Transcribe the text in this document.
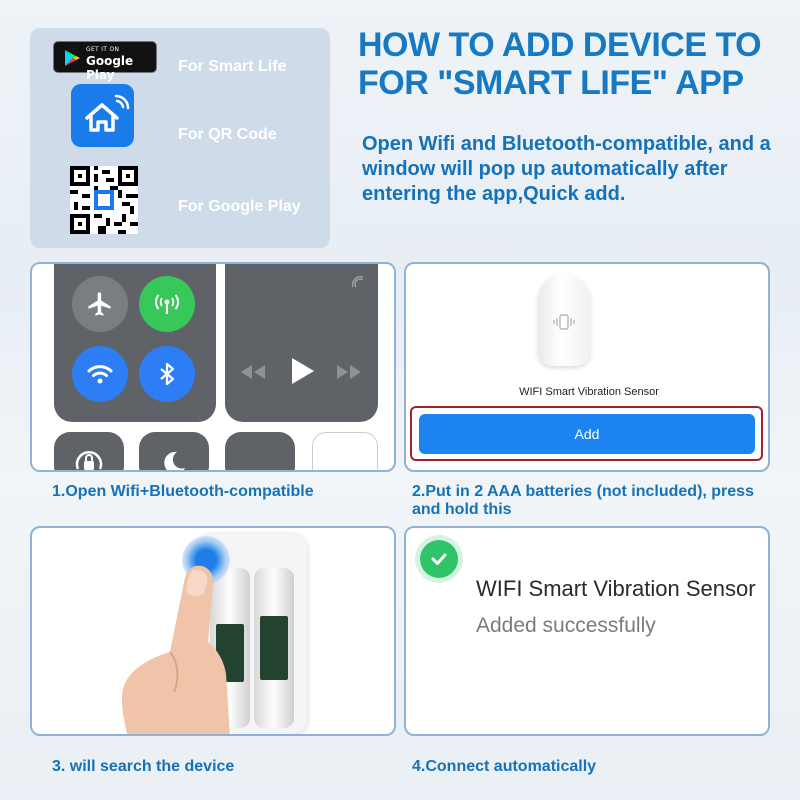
GET IT ON
Google Play	For Smart Life
For QR Code
For Google Play
HOW TO ADD DEVICE TO
FOR "SMART LIFE" APP
Open Wifi and Bluetooth-compatible, and a window will pop up automatically after entering the app,Quick add.
1.Open Wifi+Bluetooth-compatible
WIFI Smart Vibration Sensor
Add
2.Put in 2 AAA batteries (not included), press and hold this
3. will search the device
WIFI Smart Vibration Sensor
Added successfully
4.Connect automatically
